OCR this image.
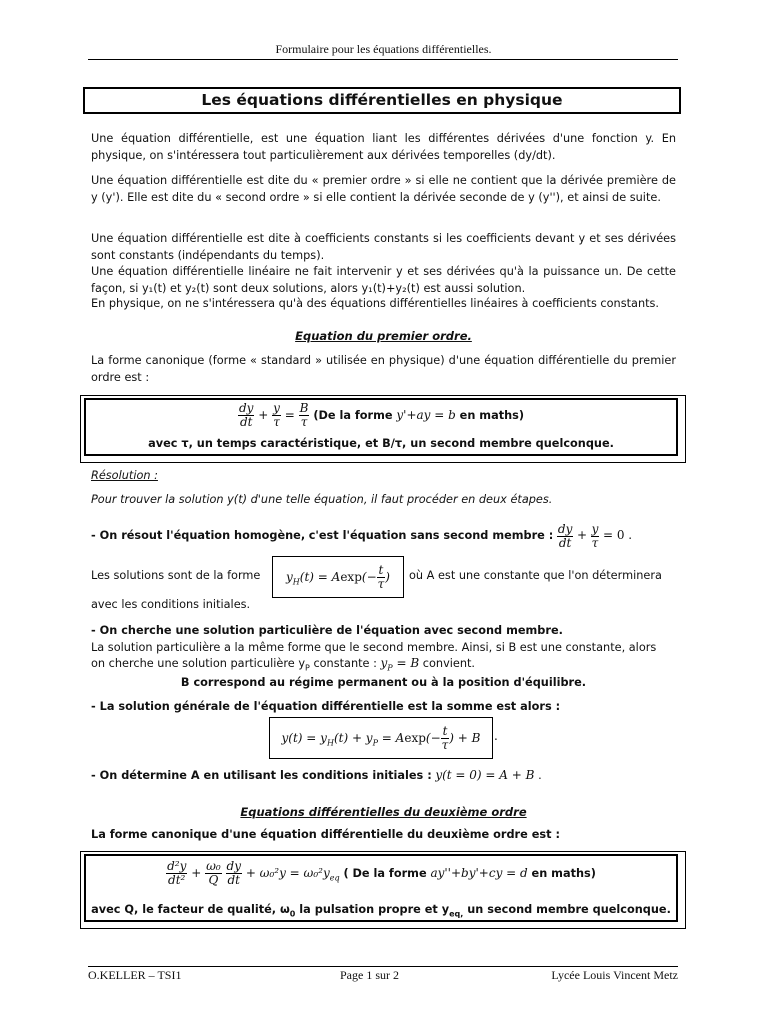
Formulaire pour les équations différentielles.
Les équations différentielles en physique
Une équation différentielle, est une équation liant les différentes dérivées d'une fonction y. En physique, on s'intéressera tout particulièrement aux dérivées temporelles (dy/dt).
Une équation différentielle est dite du « premier ordre » si elle ne contient que la dérivée première de y (y'). Elle est dite du « second ordre » si elle contient la dérivée seconde de y (y''), et ainsi de suite.
Une équation différentielle est dite à coefficients constants si les coefficients devant y et ses dérivées sont constants (indépendants du temps).
Une équation différentielle linéaire ne fait intervenir y et ses dérivées qu'à la puissance un. De cette façon, si y₁(t) et y₂(t) sont deux solutions, alors y₁(t)+y₂(t) est aussi solution.
En physique, on ne s'intéressera qu'à des équations différentielles linéaires à coefficients constants.
Equation du premier ordre.
La forme canonique (forme « standard » utilisée en physique) d'une équation différentielle du premier ordre est :
$\frac{dy}{dt} + \frac{y}{\tau} = \frac{B}{\tau} (De$ la forme y'+ay = b en maths)
avec τ, un temps caractéristique, et B/τ, un second membre quelconque.
Résolution :
Pour trouver la solution y(t) d'une telle équation, il faut procéder en deux étapes.
- On résout l'équation homogène, c'est l'équation sans second membre : $\frac{dy}{dt} + \frac{y}{\tau} = 0$ .
Les solutions sont de la forme	$y_H(t) = Aexp(- \frac{t}{\tau}$ )	où A est une constante que l'on déterminera
avec les conditions initiales.
- On cherche une solution particulière de l'équation avec second membre.
La solution particulière a la même forme que le second membre. Ainsi, si B est une constante, alors
on cherche une solution particulière $y_P$ constante : $y_P = B$ convient.
B correspond au régime permanent ou à la position d'équilibre.
- La solution générale de l'équation différentielle est la somme est alors :
$y(t) = y_H(t) + y_P = Aexp(- \frac{t}{\tau}$ ) + B	.
- On détermine A en utilisant les conditions initiales : y(t = 0) = A + B .
Equations différentielles du deuxième ordre
La forme canonique d'une équation différentielle du deuxième ordre est :
$\frac{\text{d²y}}{\text{dt²}} + \frac{\text{ω₀}}{Q}$
$\frac{dy}{dt} + \omega_0^2y = \omega_0^2y_{eq}$ ( De la forme ay''+by'+cy = d en maths)
avec Q, le facteur de qualité, $\omega_0$ la pulsation propre et $y_{eq,}$ un second membre quelconque.
O.KELLER – TSI1	Page 1 sur 2	Lycée Louis Vincent Metz
